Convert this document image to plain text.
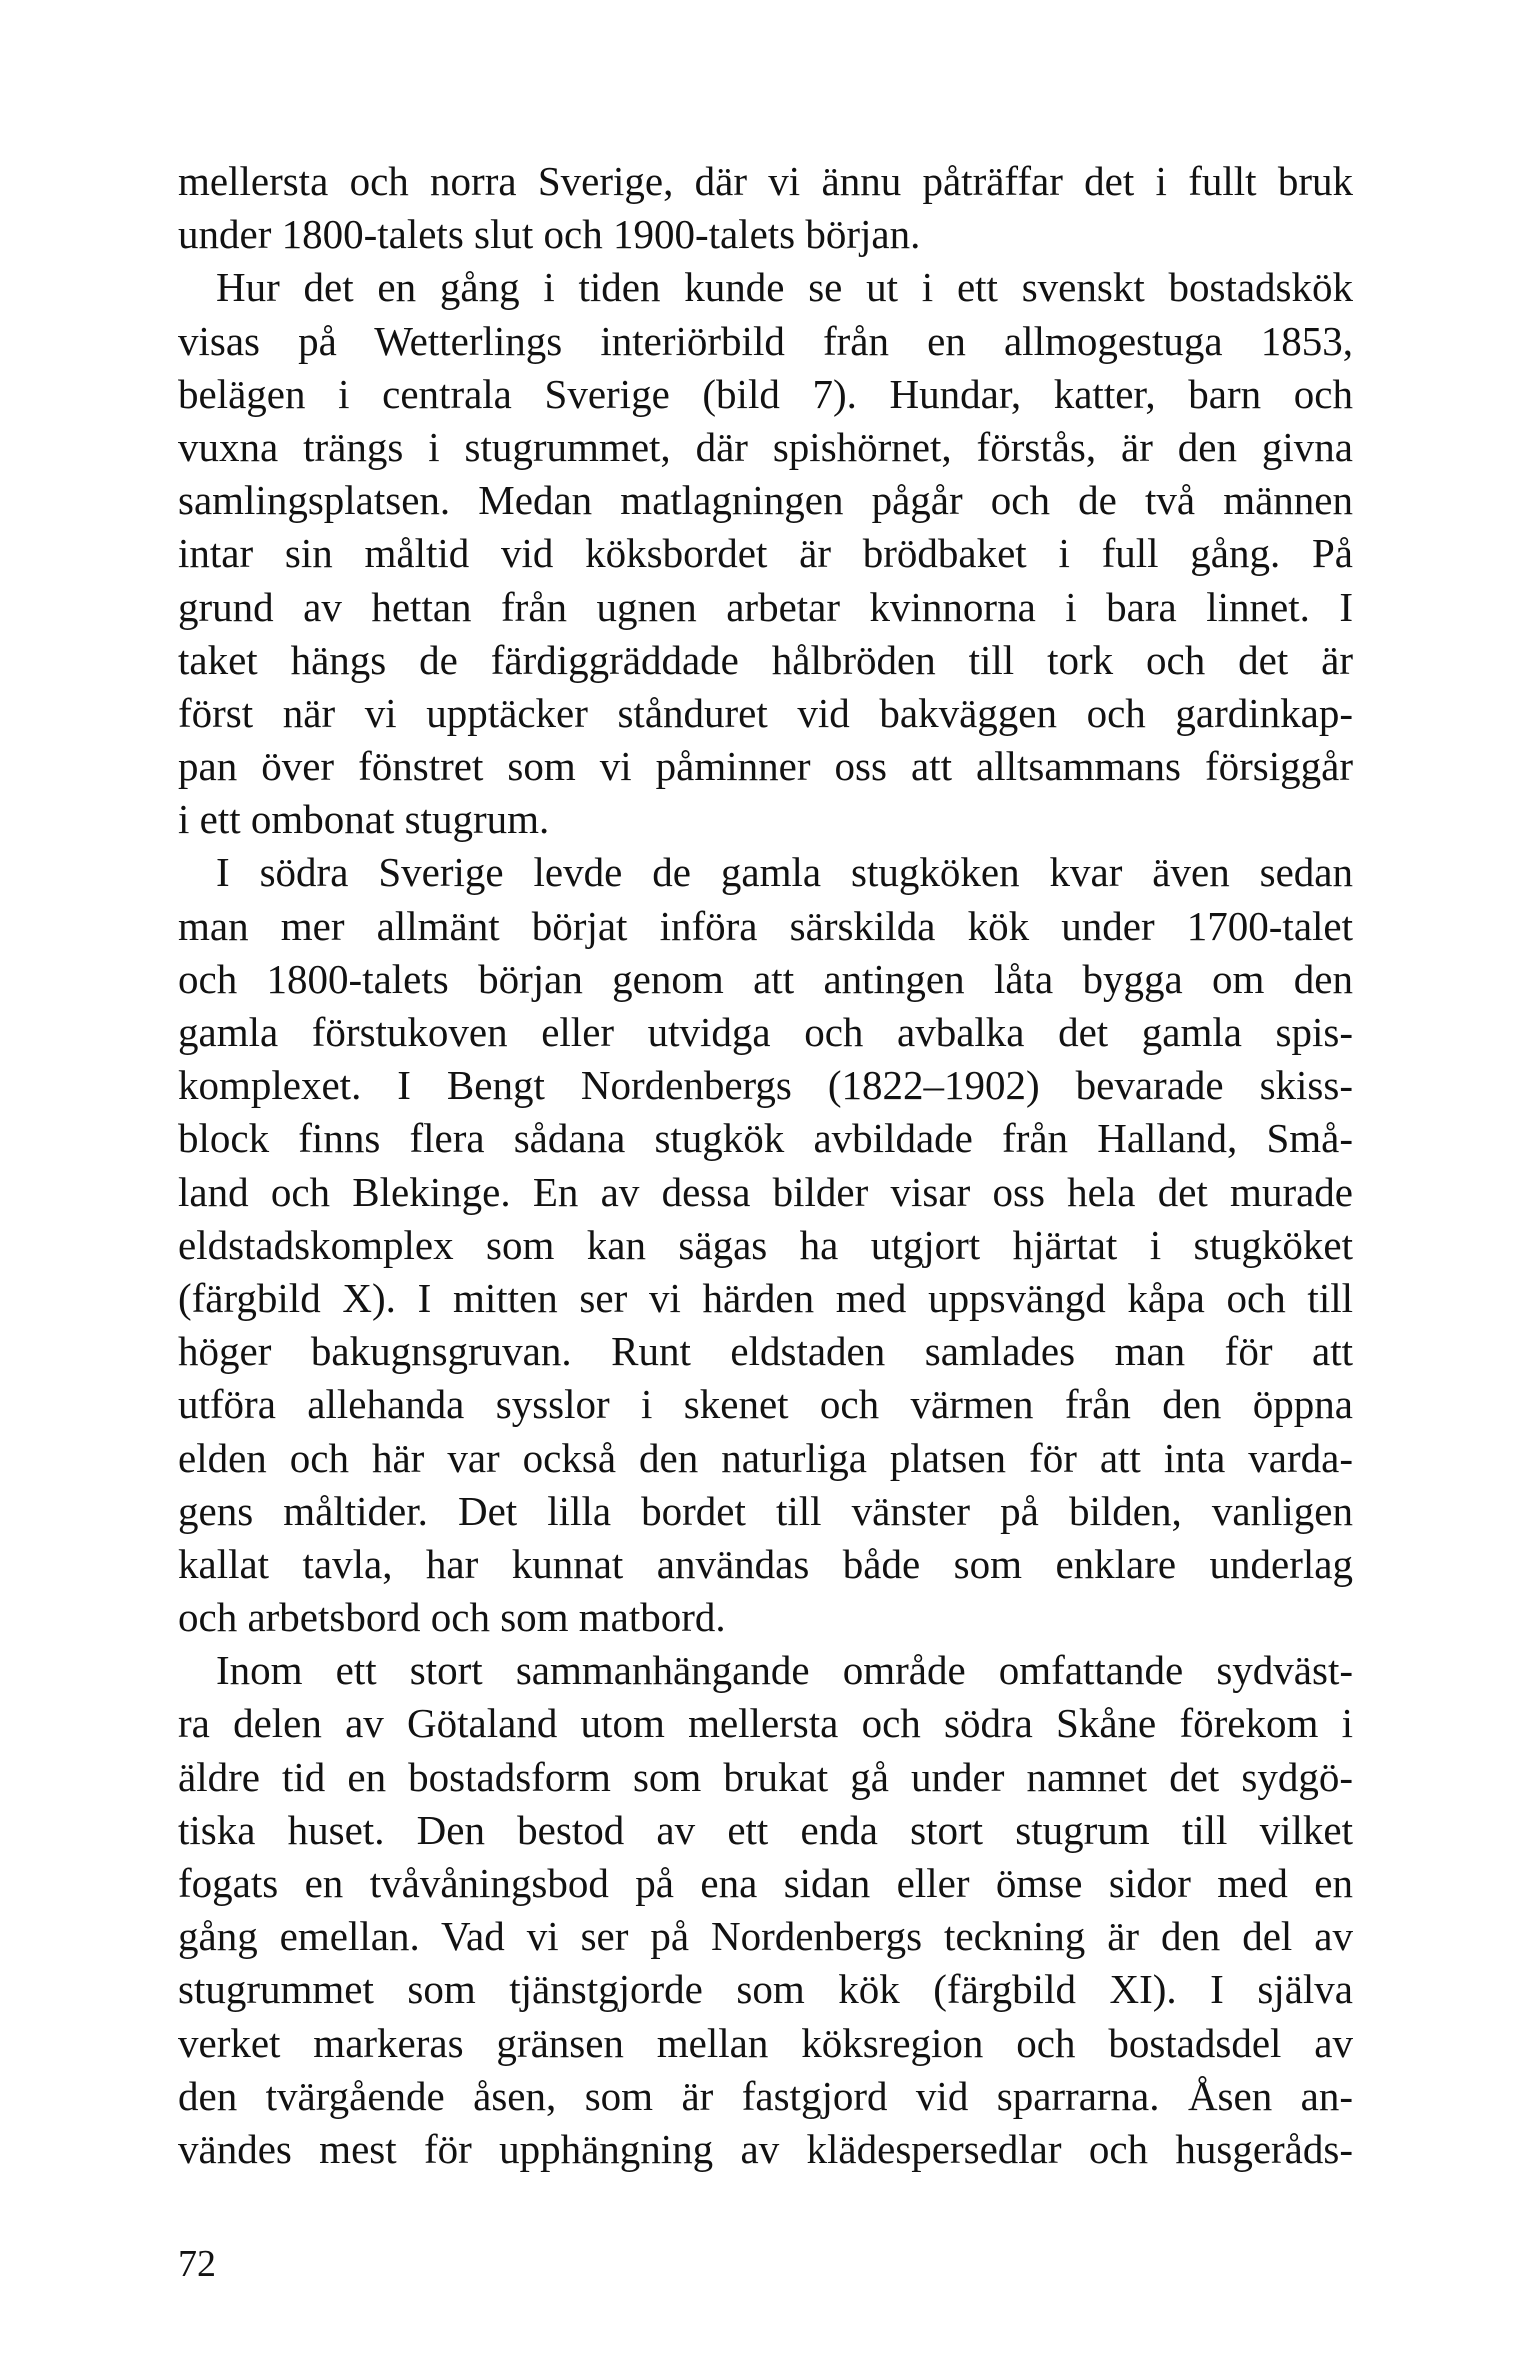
mellersta och norra Sverige, där vi ännu påträffar det i fullt bruk
under 1800-talets slut och 1900-talets början.
Hur det en gång i tiden kunde se ut i ett svenskt bostadskök
visas på Wetterlings interiörbild från en allmogestuga 1853,
belägen i centrala Sverige (bild 7). Hundar, katter, barn och
vuxna trängs i stugrummet, där spishörnet, förstås, är den givna
samlingsplatsen. Medan matlagningen pågår och de två männen
intar sin måltid vid köksbordet är brödbaket i full gång. På
grund av hettan från ugnen arbetar kvinnorna i bara linnet. I
taket hängs de färdiggräddade hålbröden till tork och det är
först när vi upptäcker stånduret vid bakväggen och gardinkap-
pan över fönstret som vi påminner oss att alltsammans försiggår
i ett ombonat stugrum.
I södra Sverige levde de gamla stugköken kvar även sedan
man mer allmänt börjat införa särskilda kök under 1700-talet
och 1800-talets början genom att antingen låta bygga om den
gamla förstukoven eller utvidga och avbalka det gamla spis-
komplexet. I Bengt Nordenbergs (1822–1902) bevarade skiss-
block finns flera sådana stugkök avbildade från Halland, Små-
land och Blekinge. En av dessa bilder visar oss hela det murade
eldstadskomplex som kan sägas ha utgjort hjärtat i stugköket
(färgbild X). I mitten ser vi härden med uppsvängd kåpa och till
höger bakugnsgruvan. Runt eldstaden samlades man för att
utföra allehanda sysslor i skenet och värmen från den öppna
elden och här var också den naturliga platsen för att inta varda-
gens måltider. Det lilla bordet till vänster på bilden, vanligen
kallat tavla, har kunnat användas både som enklare underlag
och arbetsbord och som matbord.
Inom ett stort sammanhängande område omfattande sydväst-
ra delen av Götaland utom mellersta och södra Skåne förekom i
äldre tid en bostadsform som brukat gå under namnet det sydgö-
tiska huset. Den bestod av ett enda stort stugrum till vilket
fogats en tvåvåningsbod på ena sidan eller ömse sidor med en
gång emellan. Vad vi ser på Nordenbergs teckning är den del av
stugrummet som tjänstgjorde som kök (färgbild XI). I själva
verket markeras gränsen mellan köksregion och bostadsdel av
den tvärgående åsen, som är fastgjord vid sparrarna. Åsen an-
vändes mest för upphängning av klädespersedlar och husgeråds-
72
